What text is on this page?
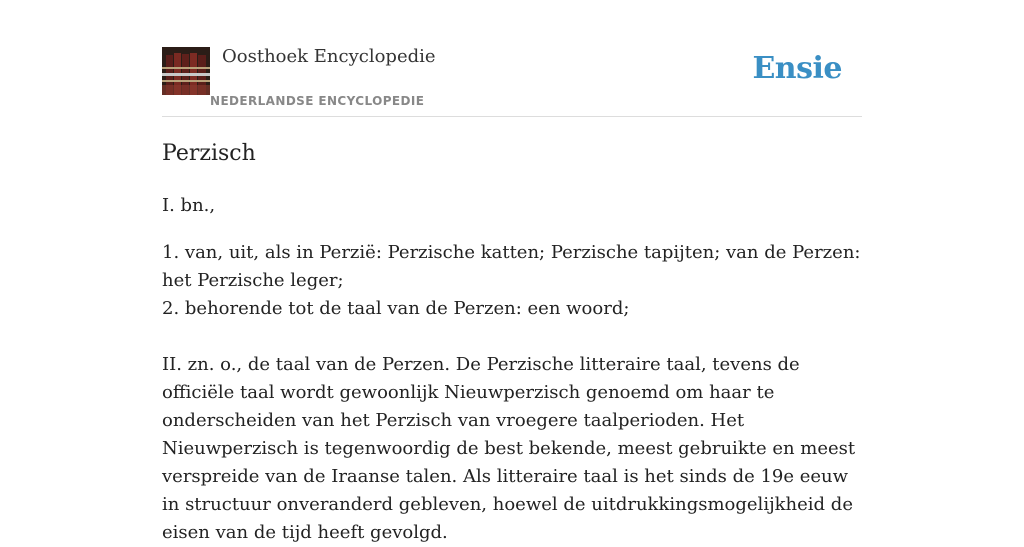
Oosthoek Encyclopedie
NEDERLANDSE ENCYCLOPEDIE
Ensie
Perzisch

I. bn.,

1. van, uit, als in Perzië: Perzische katten; Perzische tapijten; van de Perzen: het Perzische leger;

2. behorende tot de taal van de Perzen: een woord;

II. zn. o., de taal van de Perzen. De Perzische litteraire taal, tevens de officiële taal wordt gewoonlijk Nieuwperzisch genoemd om haar te onderscheiden van het Perzisch van vroegere taalperioden. Het Nieuwperzisch is tegenwoordig de best bekende, meest gebruikte en meest verspreide van de Iraanse talen. Als litteraire taal is het sinds de 19e eeuw in structuur onveranderd gebleven, hoewel de uitdrukkingsmogelijkheid de eisen van de tijd heeft gevolgd.
